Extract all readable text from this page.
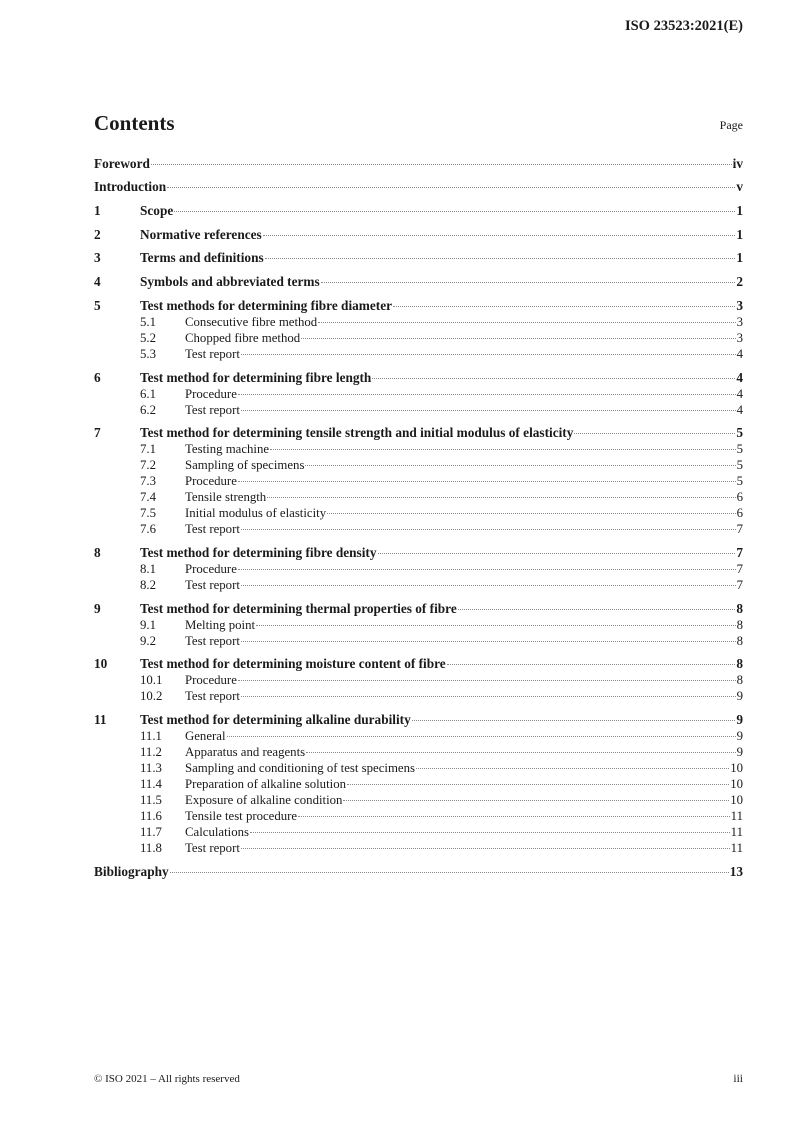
ISO 23523:2021(E)
Contents	Page
Foreword	iv
Introduction	v
1	Scope	1
2	Normative references	1
3	Terms and definitions	1
4	Symbols and abbreviated terms	2
5	Test methods for determining fibre diameter	3
5.1	Consecutive fibre method	3
5.2	Chopped fibre method	3
5.3	Test report	4
6	Test method for determining fibre length	4
6.1	Procedure	4
6.2	Test report	4
7	Test method for determining tensile strength and initial modulus of elasticity	5
7.1	Testing machine	5
7.2	Sampling of specimens	5
7.3	Procedure	5
7.4	Tensile strength	6
7.5	Initial modulus of elasticity	6
7.6	Test report	7
8	Test method for determining fibre density	7
8.1	Procedure	7
8.2	Test report	7
9	Test method for determining thermal properties of fibre	8
9.1	Melting point	8
9.2	Test report	8
10	Test method for determining moisture content of fibre	8
10.1	Procedure	8
10.2	Test report	9
11	Test method for determining alkaline durability	9
11.1	General	9
11.2	Apparatus and reagents	9
11.3	Sampling and conditioning of test specimens	10
11.4	Preparation of alkaline solution	10
11.5	Exposure of alkaline condition	10
11.6	Tensile test procedure	11
11.7	Calculations	11
11.8	Test report	11
Bibliography	13
© ISO 2021 – All rights reserved	iii
